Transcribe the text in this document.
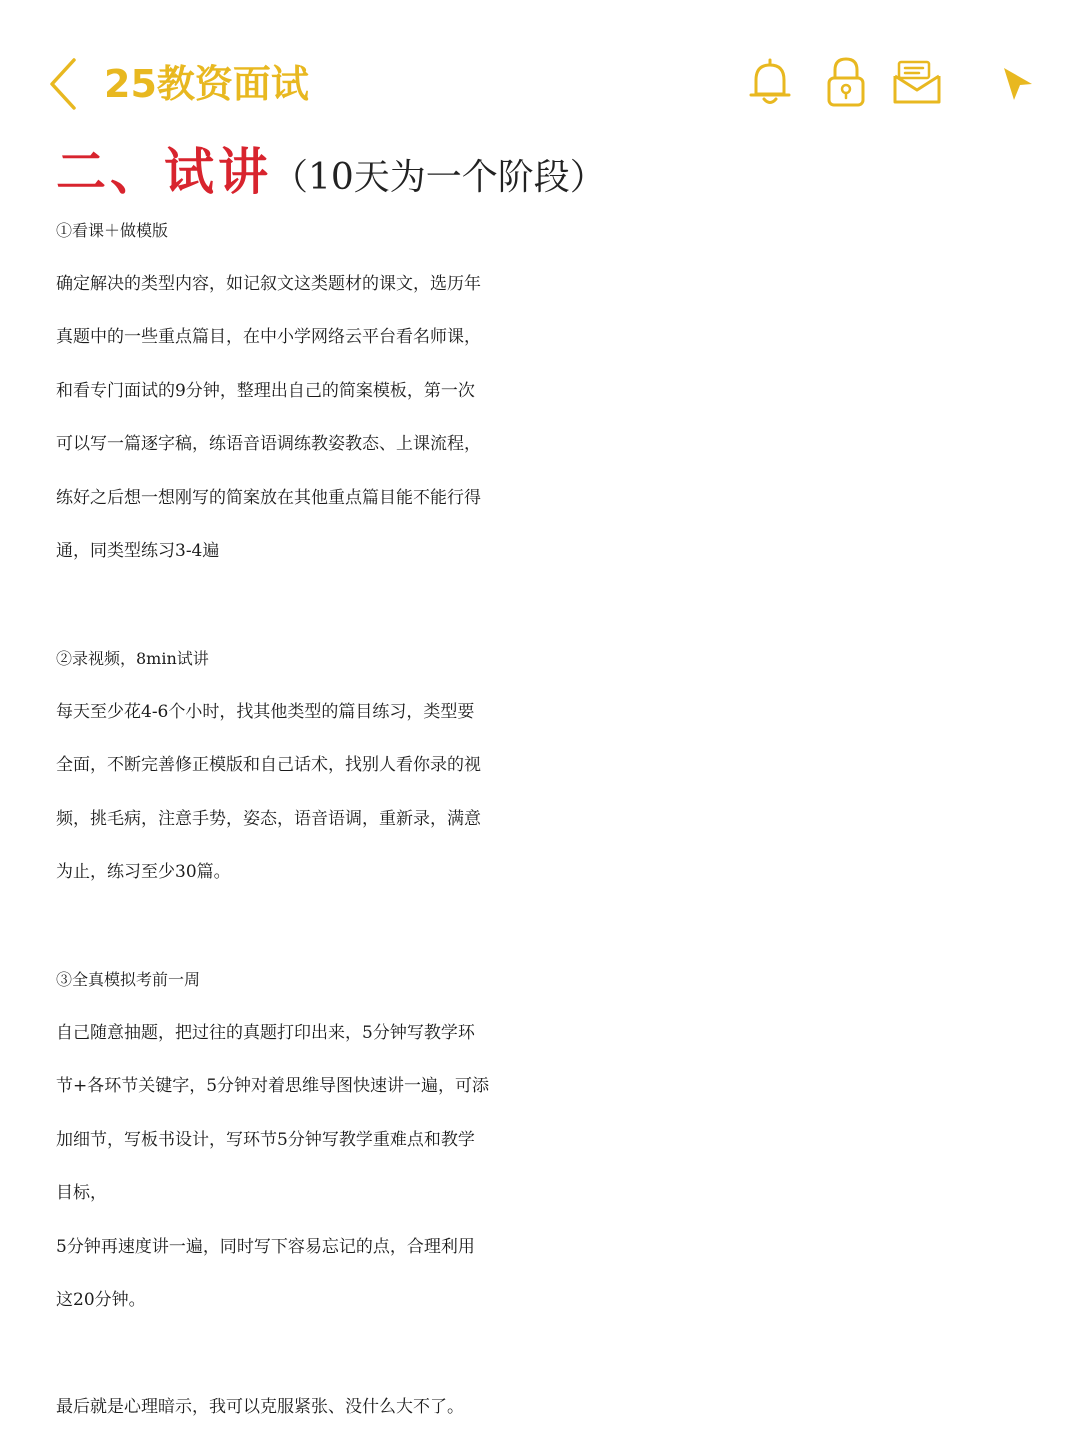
25教资面试
二、试讲（10天为一个阶段）
①看课＋做模版
确定解决的类型内容，如记叙文这类题材的课文，选历年
真题中的一些重点篇目，在中小学网络云平台看名师课，
和看专门面试的9分钟，整理出自己的简案模板，第一次
可以写一篇逐字稿，练语音语调练教姿教态、上课流程，
练好之后想一想刚写的简案放在其他重点篇目能不能行得
通，同类型练习3-4遍
②录视频，8min试讲
每天至少花4-6个小时，找其他类型的篇目练习，类型要
全面，不断完善修正模版和自己话术，找别人看你录的视
频，挑毛病，注意手势，姿态，语音语调，重新录，满意
为止，练习至少30篇。
③全真模拟考前一周
自己随意抽题，把过往的真题打印出来，5分钟写教学环
节+各环节关键字，5分钟对着思维导图快速讲一遍，可添
加细节，写板书设计，写环节5分钟写教学重难点和教学
目标，
5分钟再速度讲一遍，同时写下容易忘记的点，合理利用
这20分钟。
最后就是心理暗示，我可以克服紧张、没什么大不了。
